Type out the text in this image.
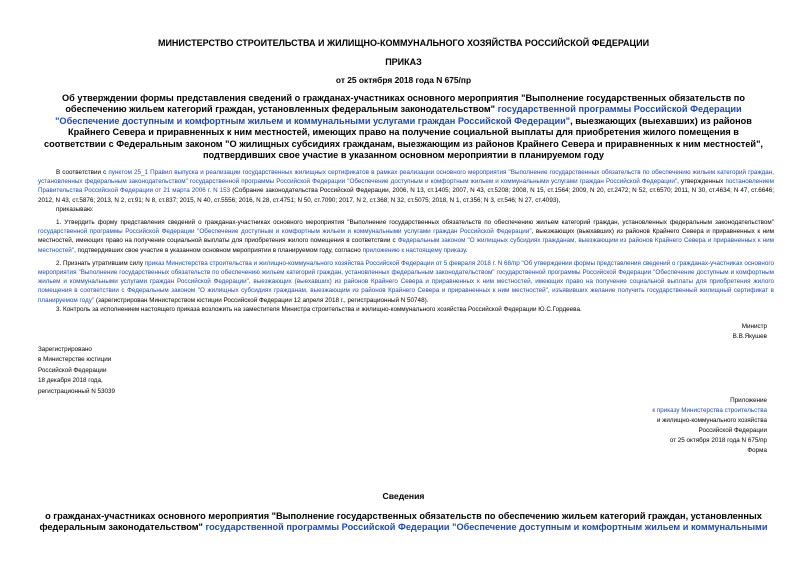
МИНИСТЕРСТВО СТРОИТЕЛЬСТВА И ЖИЛИЩНО-КОММУНАЛЬНОГО ХОЗЯЙСТВА РОССИЙСКОЙ ФЕДЕРАЦИИ
ПРИКАЗ
от 25 октября 2018 года N 675/пр
Об утверждении формы представления сведений о гражданах-участниках основного мероприятия "Выполнение государственных обязательств по обеспечению жильем категорий граждан, установленных федеральным законодательством" государственной программы Российской Федерации "Обеспечение доступным и комфортным жильем и коммунальными услугами граждан Российской Федерации", выезжающих (выехавших) из районов Крайнего Севера и приравненных к ним местностей, имеющих право на получение социальной выплаты для приобретения жилого помещения в соответствии с Федеральным законом "О жилищных субсидиях гражданам, выезжающим из районов Крайнего Севера и приравненных к ним местностей", подтвердивших свое участие в указанном основном мероприятии в планируемом году

В соответствии с пунктом 25_1 Правил выпуска и реализации государственных жилищных сертификатов в рамках реализации основного мероприятия "Выполнение государственных обязательств по обеспечению жильем категорий граждан, установленных федеральным законодательством" государственной программы Российской Федерации "Обеспечение доступным и комфортным жильем и коммунальными услугами граждан Российской Федерации", утвержденных постановлением Правительства Российской Федерации от 21 марта 2006 г. N 153 (Собрание законодательства Российской Федерации, 2006, N 13, ст.1405; 2007, N 43, ст.5208; 2008, N 15, ст.1564; 2009, N 20, ст.2472; N 52, ст.6570; 2011, N 30, ст.4634; N 47, ст.6646; 2012, N 43, ст.5876; 2013, N 2, ст.91; N 8, ст.837; 2015, N 40, ст.5556; 2016, N 28, ст.4751; N 50, ст.7090; 2017, N 2, ст.368; N 32, ст.5075; 2018, N 1, ст.356; N 3, ст.546; N 27, ст.4093),

приказываю:

1. Утвердить форму представления сведений о гражданах-участниках основного мероприятия "Выполнение государственных обязательств по обеспечению жильем категорий граждан, установленных федеральным законодательством" государственной программы Российской Федерации "Обеспечение доступным и комфортным жильем и коммунальными услугами граждан Российской Федерации", выезжающих (выехавших) из районов Крайнего Севера и приравненных к ним местностей, имеющих право на получение социальной выплаты для приобретения жилого помещения в соответствии с Федеральным законом "О жилищных субсидиях гражданам, выезжающим из районов Крайнего Севера и приравненных к ним местностей", подтвердивших свое участие в указанном основном мероприятии в планируемом году, согласно приложению к настоящему приказу.

2. Признать утратившим силу приказ Министерства строительства и жилищно-коммунального хозяйства Российской Федерации от 5 февраля 2018 г. N 68/пр "Об утверждении формы представления сведений о гражданах-участниках основного мероприятия "Выполнение государственных обязательств по обеспечению жильем категорий граждан, установленных федеральным законодательством" государственной программы Российской Федерации "Обеспечение доступным и комфортным жильем и коммунальными услугами граждан Российской Федерации", выезжающих (выехавших) из районов Крайнего Севера и приравненных к ним местностей, имеющих право на получение социальной выплаты для приобретения жилого помещения в соответствии с Федеральным законом "О жилищных субсидиях гражданам, выезжающим из районов Крайнего Севера и приравненных к ним местностей", изъявивших желание получить государственный жилищный сертификат в планируемом году" (зарегистрирован Министерством юстиции Российской Федерации 12 апреля 2018 г., регистрационный N 50748).

3. Контроль за исполнением настоящего приказа возложить на заместителя Министра строительства и жилищно-коммунального хозяйства Российской Федерации Ю.С.Гордеева.

Министр
В.В.Якушев
Зарегистрировано
в Министерстве юстиции
Российской Федерации
18 декабря 2018 года,
регистрационный N 53039
Приложение
к приказу Министерства строительства
и жилищно-коммунального хозяйства
Российской Федерации
от 25 октября 2018 года N 675/пр
Форма
Сведения
о гражданах-участниках основного мероприятия "Выполнение государственных обязательств по обеспечению жильем категорий граждан, установленных федеральным законодательством" государственной программы Российской Федерации "Обеспечение доступным и комфортным жильем и коммунальными
